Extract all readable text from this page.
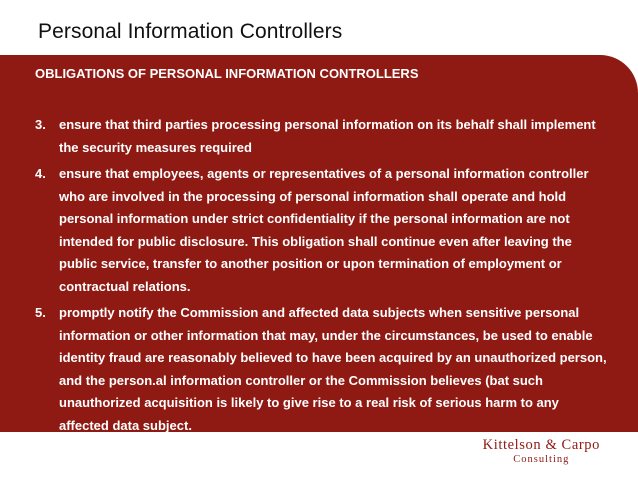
Personal Information Controllers
OBLIGATIONS OF PERSONAL INFORMATION CONTROLLERS
3.	ensure that third parties processing personal information on its behalf shall implement the security measures required
4.	ensure that employees, agents or representatives of a personal information controller who are involved in the processing of personal information shall operate and hold personal information under strict confidentiality if the personal information are not intended for public disclosure. This obligation shall continue even after leaving the public service, transfer to another position or upon termination of employment or contractual relations.
5.	promptly notify the Commission and affected data subjects when sensitive personal information or other information that may, under the circumstances, be used to enable identity fraud are reasonably believed to have been acquired by an unauthorized person, and the person.al information controller or the Commission believes (bat such unauthorized acquisition is likely to give rise to a real risk of serious harm to any affected data subject.
Kittelson & Carpo
Consulting
